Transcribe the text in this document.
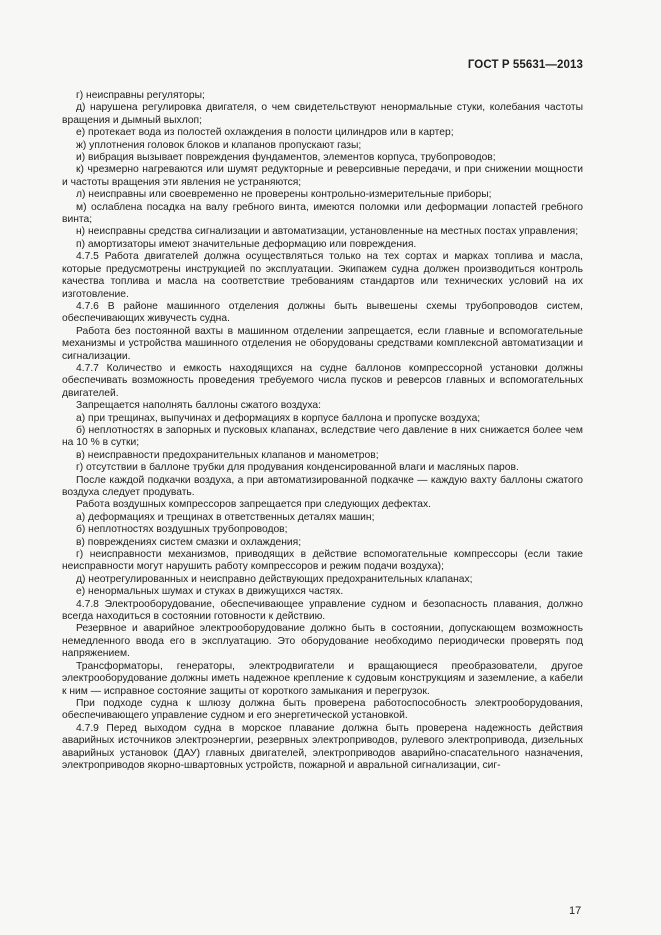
ГОСТ Р 55631—2013

г) неисправны регуляторы;

д) нарушена регулировка двигателя, о чем свидетельствуют ненормальные стуки, колебания частоты вращения и дымный выхлоп;

е) протекает вода из полостей охлаждения в полости цилиндров или в картер;

ж) уплотнения головок блоков и клапанов пропускают газы;

и) вибрация вызывает повреждения фундаментов, элементов корпуса, трубопроводов;

к) чрезмерно нагреваются или шумят редукторные и реверсивные передачи, и при снижении мощности и частоты вращения эти явления не устраняются;

л) неисправны или своевременно не проверены контрольно-измерительные приборы;

м) ослаблена посадка на валу гребного винта, имеются поломки или деформации лопастей гребного винта;

н) неисправны средства сигнализации и автоматизации, установленные на местных постах управления;

п) амортизаторы имеют значительные деформацию или повреждения.

4.7.5 Работа двигателей должна осуществляться только на тех сортах и марках топлива и масла, которые предусмотрены инструкцией по эксплуатации. Экипажем судна должен производиться контроль качества топлива и масла на соответствие требованиям стандартов или технических условий на их изготовление.

4.7.6 В районе машинного отделения должны быть вывешены схемы трубопроводов систем, обеспечивающих живучесть судна.

Работа без постоянной вахты в машинном отделении запрещается, если главные и вспомогательные механизмы и устройства машинного отделения не оборудованы средствами комплексной автоматизации и сигнализации.

4.7.7 Количество и емкость находящихся на судне баллонов компрессорной установки должны обеспечивать возможность проведения требуемого числа пусков и реверсов главных и вспомогательных двигателей.

Запрещается наполнять баллоны сжатого воздуха:

а) при трещинах, выпучинах и деформациях в корпусе баллона и пропуске воздуха;

б) неплотностях в запорных и пусковых клапанах, вследствие чего давление в них снижается более чем на 10 % в сутки;

в) неисправности предохранительных клапанов и манометров;

г) отсутствии в баллоне трубки для продувания конденсированной влаги и масляных паров.

После каждой подкачки воздуха, а при автоматизированной подкачке — каждую вахту баллоны сжатого воздуха следует продувать.

Работа воздушных компрессоров запрещается при следующих дефектах.

а) деформациях и трещинах в ответственных деталях машин;

б) неплотностях воздушных трубопроводов;

в) повреждениях систем смазки и охлаждения;

г) неисправности механизмов, приводящих в действие вспомогательные компрессоры (если такие неисправности могут нарушить работу компрессоров и режим подачи воздуха);

д) неотрегулированных и неисправно действующих предохранительных клапанах;

е) ненормальных шумах и стуках в движущихся частях.

4.7.8 Электрооборудование, обеспечивающее управление судном и безопасность плавания, должно всегда находиться в состоянии готовности к действию.

Резервное и аварийное электрооборудование должно быть в состоянии, допускающем возможность немедленного ввода его в эксплуатацию. Это оборудование необходимо периодически проверять под напряжением.

Трансформаторы, генераторы, электродвигатели и вращающиеся преобразователи, другое электрооборудование должны иметь надежное крепление к судовым конструкциям и заземление, а кабели к ним — исправное состояние защиты от короткого замыкания и перегрузок.

При подходе судна к шлюзу должна быть проверена работоспособность электрооборудования, обеспечивающего управление судном и его энергетической установкой.

4.7.9 Перед выходом судна в морское плавание должна быть проверена надежность действия аварийных источников электроэнергии, резервных электроприводов, рулевого электропривода, дизельных аварийных установок (ДАУ) главных двигателей, электроприводов аварийно-спасательного назначения, электроприводов якорно-швартовных устройств, пожарной и авральной сигнализации, сиг-

17
